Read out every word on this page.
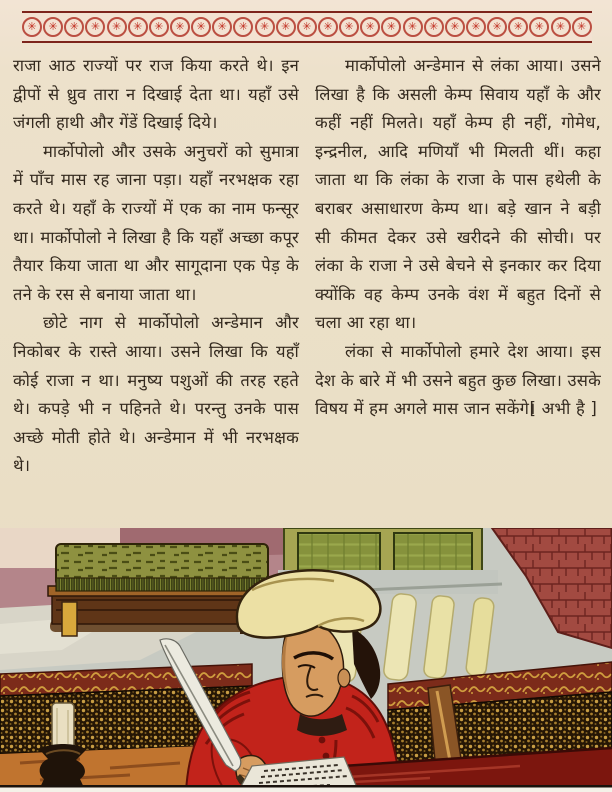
✳	✳	✳	✳	✳	✳	✳	✳	✳	✳	✳	✳	✳	✳	✳	✳	✳	✳	✳	✳	✳	✳	✳	✳	✳	✳	✳

राजा आठ राज्यों पर राज किया करते थे। इन द्वीपों से ध्रुव तारा न दिखाई देता था। यहाँ उसे जंगली हाथी और गेंडें दिखाई दिये।

मार्कोपोलो और उसके अनुचरों को सुमात्रा में पाँच मास रह जाना पड़ा। यहाँ नरभक्षक रहा करते थे। यहाँ के राज्यों में एक का नाम फन्सूर था। मार्कोपोलो ने लिखा है कि यहाँ अच्छा कपूर तैयार किया जाता था और सागूदाना एक पेड़ के तने के रस से बनाया जाता था।

छोटे नाग से मार्कोपोलो अन्डेमान और निकोबर के रास्ते आया। उसने लिखा कि यहाँ कोई राजा न था। मनुष्य पशुओं की तरह रहते थे। कपड़े भी न पहिनते थे। परन्तु उनके पास अच्छे मोती होते थे। अन्डेमान में भी नरभक्षक थे।

मार्कोपोलो अन्डेमान से लंका आया। उसने लिखा है कि असली केम्प सिवाय यहाँ के और कहीं नहीं मिलते। यहाँ केम्प ही नहीं, गोमेध, इन्द्रनील, आदि मणियाँ भी मिलती थीं। कहा जाता था कि लंका के राजा के पास हथेली के बराबर असाधारण केम्प था। बड़े खान ने बड़ी सी कीमत देकर उसे खरीदने की सोची। पर लंका के राजा ने उसे बेचने से इनकार कर दिया क्योंकि वह केम्प उनके वंश में बहुत दिनों से चला आ रहा था।

लंका से मार्कोपोलो हमारे देश आया। इस देश के बारे में भी उसने बहुत कुछ लिखा। उसके विषय में हम अगले मास जान सकेंगे।

[ अभी है ]
